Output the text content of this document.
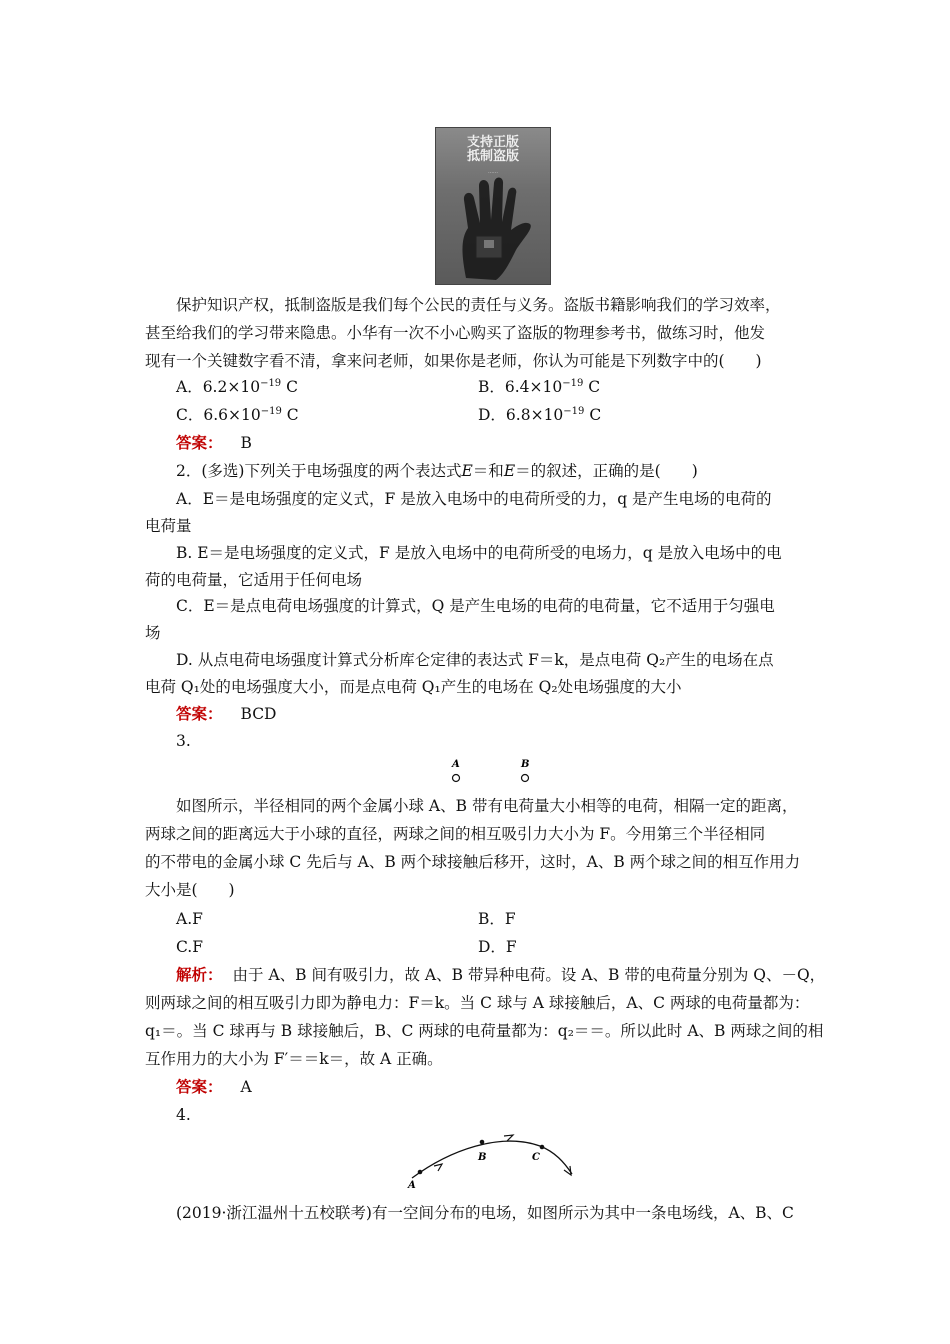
支持正版
抵制盗版
……
保护知识产权，抵制盗版是我们每个公民的责任与义务。盗版书籍影响我们的学习效率，
甚至给我们的学习带来隐患。小华有一次不小心购买了盗版的物理参考书，做练习时，他发
现有一个关键数字看不清，拿来问老师，如果你是老师，你认为可能是下列数字中的(　　)
A．$6.2\times 10^{-19}$ C	B．$6.4\times 10^{-19}$ C
C．$6.6\times 10^{-19}$ C	D．$6.8\times 10^{-19}$ C
答案： B
2．(多选)下列关于电场强度的两个表达式E＝和E＝的叙述，正确的是(　　)
A．E＝是电场强度的定义式，F 是放入电场中的电荷所受的力，q 是产生电场的电荷的
电荷量
B. E＝是电场强度的定义式，F 是放入电场中的电荷所受的电场力，q 是放入电场中的电
荷的电荷量，它适用于任何电场
C．E＝是点电荷电场强度的计算式，Q 是产生电场的电荷的电荷量，它不适用于匀强电
场
D. 从点电荷电场强度计算式分析库仑定律的表达式 F＝k，是点电荷 Q₂产生的电场在点
电荷 Q₁处的电场强度大小，而是点电荷 Q₁产生的电场在 Q₂处电场强度的大小
答案： BCD
3.
A	B
如图所示，半径相同的两个金属小球 A、B 带有电荷量大小相等的电荷，相隔一定的距离，
两球之间的距离远大于小球的直径，两球之间的相互吸引力大小为 F。今用第三个半径相同
的不带电的金属小球 C 先后与 A、B 两个球接触后移开，这时，A、B 两个球之间的相互作用力
大小是(　　)
A.F	B．F
C.F	D．F
解析： 由于 A、B 间有吸引力，故 A、B 带异种电荷。设 A、B 带的电荷量分别为 Q、－Q，
则两球之间的相互吸引力即为静电力：F＝k。当 C 球与 A 球接触后，A、C 两球的电荷量都为：
q₁＝。当 C 球再与 B 球接触后，B、C 两球的电荷量都为：q₂＝＝。所以此时 A、B 两球之间的相
互作用力的大小为 F′＝＝k＝，故 A 正确。
答案： A
4.
A
B	C
(2019·浙江温州十五校联考)有一空间分布的电场，如图所示为其中一条电场线，A、B、C
